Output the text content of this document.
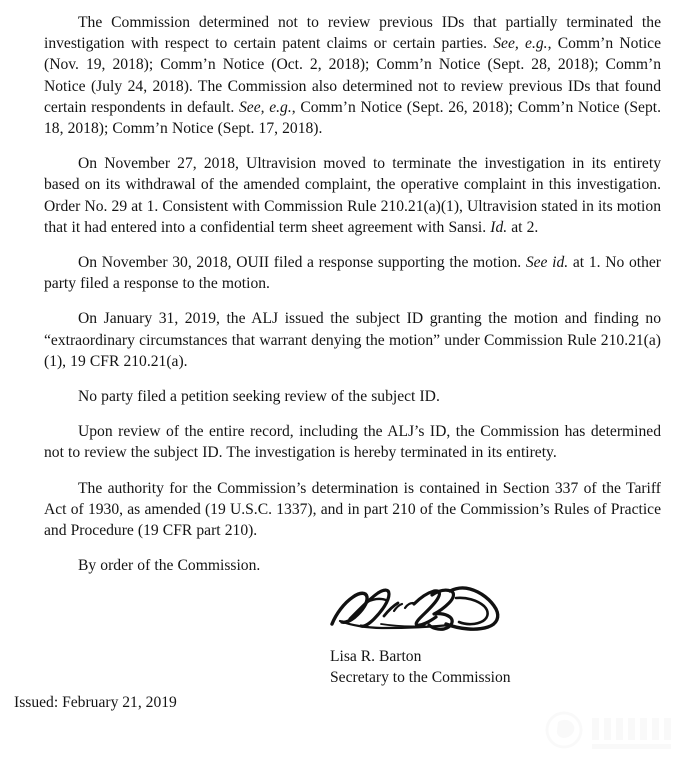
The Commission determined not to review previous IDs that partially terminated the investigation with respect to certain patent claims or certain parties. See, e.g., Comm’n Notice (Nov. 19, 2018); Comm’n Notice (Oct. 2, 2018); Comm’n Notice (Sept. 28, 2018); Comm’n Notice (July 24, 2018). The Commission also determined not to review previous IDs that found certain respondents in default. See, e.g., Comm’n Notice (Sept. 26, 2018); Comm’n Notice (Sept. 18, 2018); Comm’n Notice (Sept. 17, 2018).

On November 27, 2018, Ultravision moved to terminate the investigation in its entirety based on its withdrawal of the amended complaint, the operative complaint in this investigation. Order No. 29 at 1. Consistent with Commission Rule 210.21(a)(1), Ultravision stated in its motion that it had entered into a confidential term sheet agreement with Sansi. Id. at 2.

On November 30, 2018, OUII filed a response supporting the motion. See id. at 1. No other party filed a response to the motion.

On January 31, 2019, the ALJ issued the subject ID granting the motion and finding no “extraordinary circumstances that warrant denying the motion” under Commission Rule 210.21(a)(1), 19 CFR 210.21(a).

No party filed a petition seeking review of the subject ID.

Upon review of the entire record, including the ALJ’s ID, the Commission has determined not to review the subject ID. The investigation is hereby terminated in its entirety.

The authority for the Commission’s determination is contained in Section 337 of the Tariff Act of 1930, as amended (19 U.S.C. 1337), and in part 210 of the Commission’s Rules of Practice and Procedure (19 CFR part 210).

By order of the Commission.

Lisa R. Barton
Secretary to the Commission
Issued: February 21, 2019
